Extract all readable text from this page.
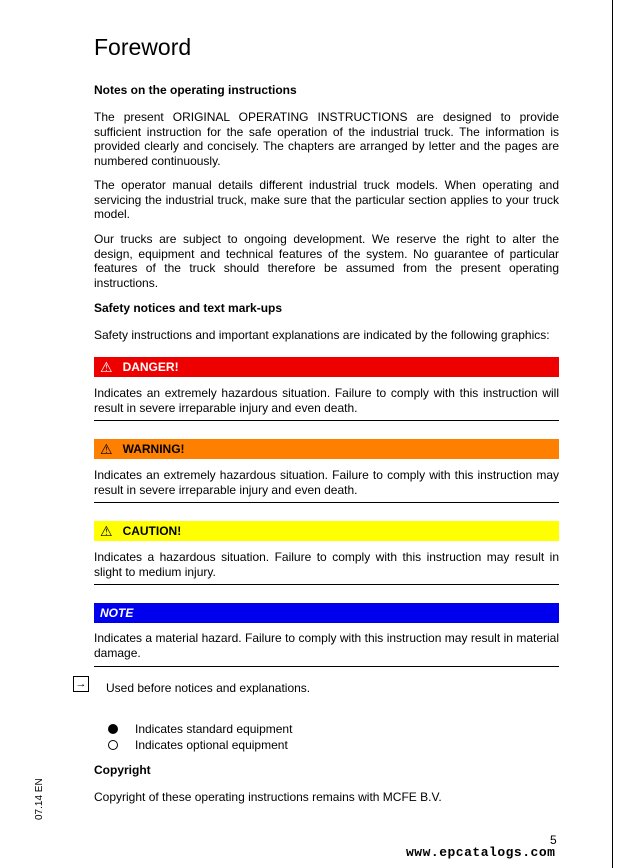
Foreword
Notes on the operating instructions

The present ORIGINAL OPERATING INSTRUCTIONS are designed to provide sufficient instruction for the safe operation of the industrial truck. The information is provided clearly and concisely. The chapters are arranged by letter and the pages are numbered continuously.

The operator manual details different industrial truck models. When operating and servicing the industrial truck, make sure that the particular section applies to your truck model.

Our trucks are subject to ongoing development. We reserve the right to alter the design, equipment and technical features of the system. No guarantee of particular features of the truck should therefore be assumed from the present operating instructions.

Safety notices and text mark-ups

Safety instructions and important explanations are indicated by the following graphics:

⚠ DANGER!

Indicates an extremely hazardous situation. Failure to comply with this instruction will result in severe irreparable injury and even death.

⚠ WARNING!

Indicates an extremely hazardous situation. Failure to comply with this instruction may result in severe irreparable injury and even death.

⚠ CAUTION!

Indicates a hazardous situation. Failure to comply with this instruction may result in slight to medium injury.

NOTE

Indicates a material hazard. Failure to comply with this instruction may result in material damage.

Copyright

Copyright of these operating instructions remains with MCFE B.V.

→ Used before notices and explanations.
Indicates standard equipment
Indicates optional equipment
07.14 EN
5
www.epcatalogs.com
